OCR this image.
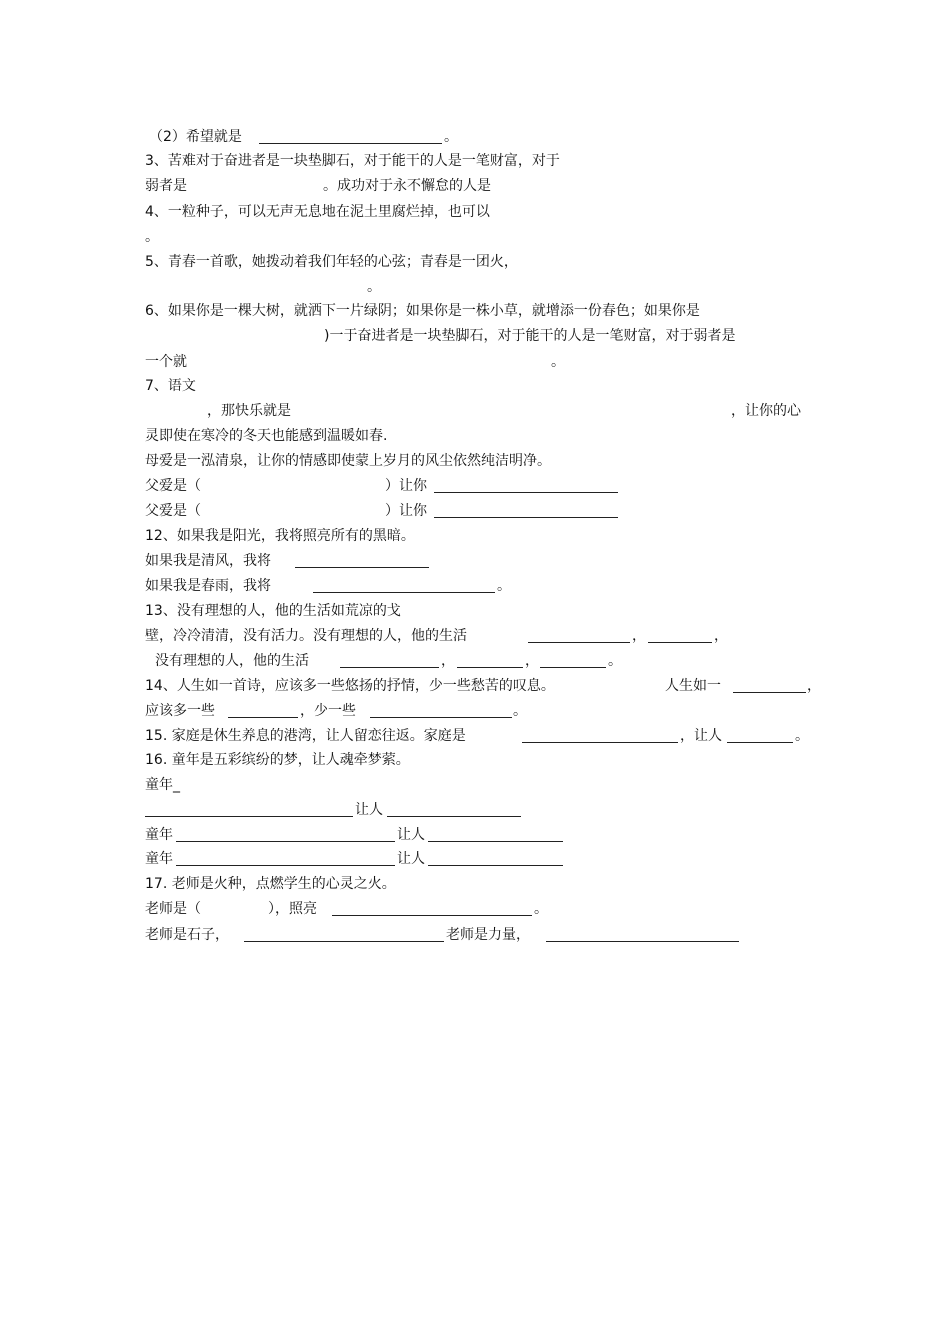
（2）希望就是	。
3、苦难对于奋进者是一块垫脚石，对于能干的人是一笔财富，对于
弱者是	。成功对于永不懈怠的人是
4、一粒种子，可以无声无息地在泥土里腐烂掉，也可以
。
5、青春一首歌，她拨动着我们年轻的心弦；青春是一团火，
。
6、如果你是一棵大树，就洒下一片绿阴；如果你是一株小草，就增添一份春色；如果你是
)一于奋进者是一块垫脚石，对于能干的人是一笔财富，对于弱者是
一个就	。
7、语文
，那快乐就是	，让你的心
灵即使在寒冷的冬天也能感到温暖如春.
母爱是一泓清泉，让你的情感即使蒙上岁月的风尘依然纯洁明净。
父爱是（	）让你
父爱是（	）让你
12、如果我是阳光，我将照亮所有的黑暗。
如果我是清风，我将
如果我是春雨，我将	。
13、没有理想的人，他的生活如荒凉的戈
壁，冷冷清清，没有活力。没有理想的人，他的生活	，	，
没有理想的人，他的生活	，	，	。
14、人生如一首诗，应该多一些悠扬的抒情，少一些愁苦的叹息。	人生如一	，
应该多一些	，少一些	。
15. 家庭是休生养息的港湾，让人留恋往返。家庭是	，让人	。
16. 童年是五彩缤纷的梦，让人魂牵梦萦。
童年_
让人
童年	让人
童年	让人
17. 老师是火种，点燃学生的心灵之火。
老师是（	），照亮	。
老师是石子，	老师是力量，
